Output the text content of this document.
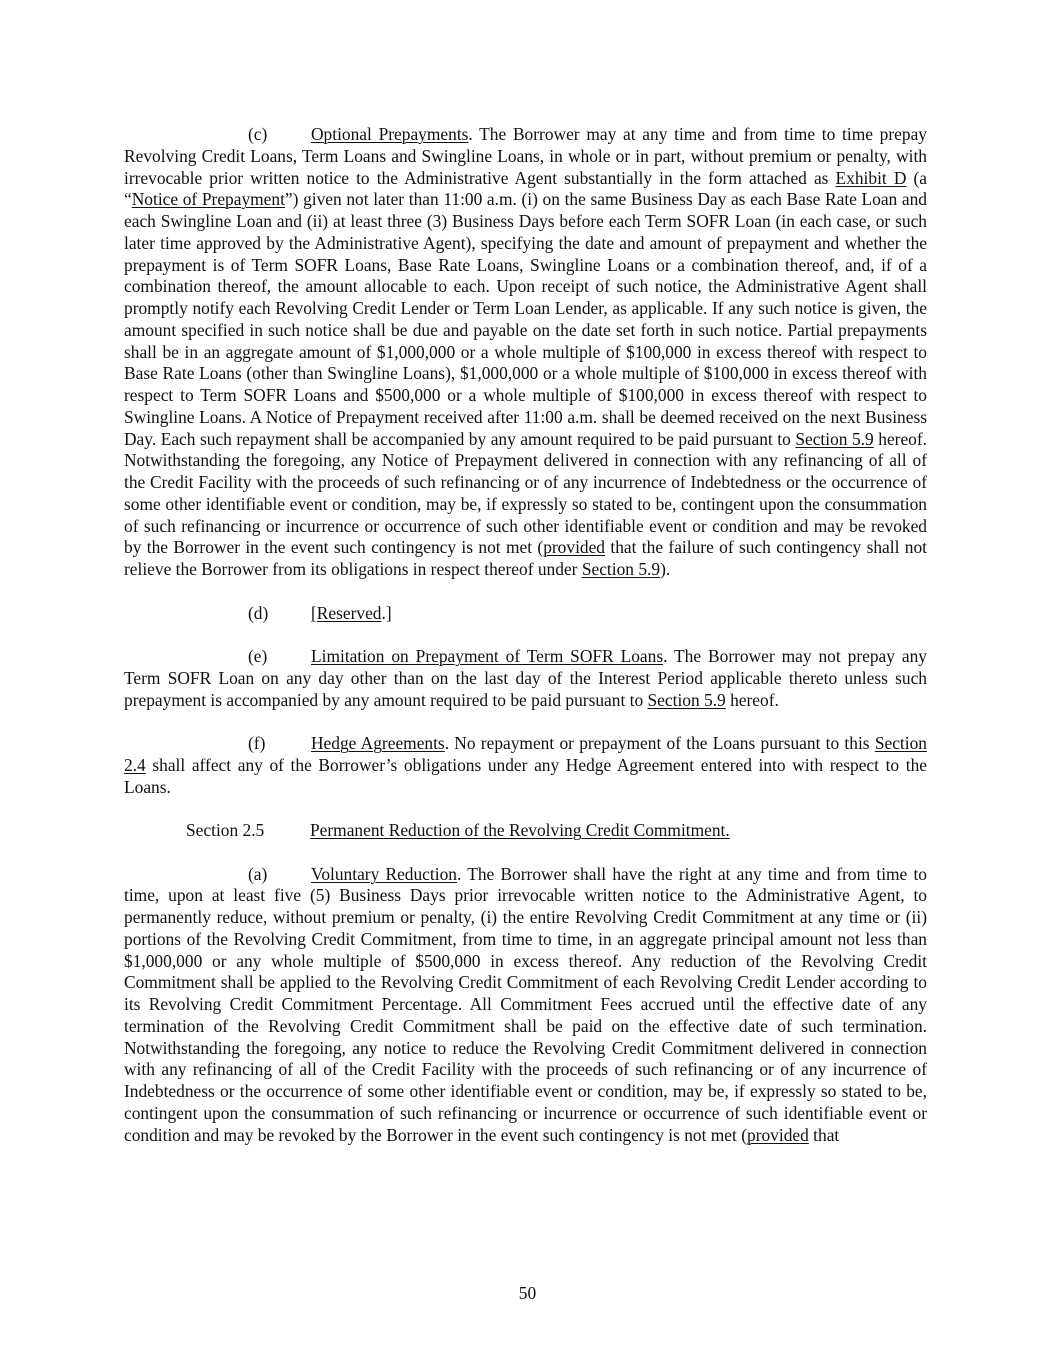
(c)	Optional Prepayments. The Borrower may at any time and from time to time prepay Revolving Credit Loans, Term Loans and Swingline Loans, in whole or in part, without premium or penalty, with irrevocable prior written notice to the Administrative Agent substantially in the form attached as Exhibit D (a “Notice of Prepayment”) given not later than 11:00 a.m. (i) on the same Business Day as each Base Rate Loan and each Swingline Loan and (ii) at least three (3) Business Days before each Term SOFR Loan (in each case, or such later time approved by the Administrative Agent), specifying the date and amount of prepayment and whether the prepayment is of Term SOFR Loans, Base Rate Loans, Swingline Loans or a combination thereof, and, if of a combination thereof, the amount allocable to each. Upon receipt of such notice, the Administrative Agent shall promptly notify each Revolving Credit Lender or Term Loan Lender, as applicable. If any such notice is given, the amount specified in such notice shall be due and payable on the date set forth in such notice. Partial prepayments shall be in an aggregate amount of $1,000,000 or a whole multiple of $100,000 in excess thereof with respect to Base Rate Loans (other than Swingline Loans), $1,000,000 or a whole multiple of $100,000 in excess thereof with respect to Term SOFR Loans and $500,000 or a whole multiple of $100,000 in excess thereof with respect to Swingline Loans. A Notice of Prepayment received after 11:00 a.m. shall be deemed received on the next Business Day. Each such repayment shall be accompanied by any amount required to be paid pursuant to Section 5.9 hereof. Notwithstanding the foregoing, any Notice of Prepayment delivered in connection with any refinancing of all of the Credit Facility with the proceeds of such refinancing or of any incurrence of Indebtedness or the occurrence of some other identifiable event or condition, may be, if expressly so stated to be, contingent upon the consummation of such refinancing or incurrence or occurrence of such other identifiable event or condition and may be revoked by the Borrower in the event such contingency is not met (provided that the failure of such contingency shall not relieve the Borrower from its obligations in respect thereof under Section 5.9).

(d) [Reserved.]

(e)	Limitation on Prepayment of Term SOFR Loans. The Borrower may not prepay any Term SOFR Loan on any day other than on the last day of the Interest Period applicable thereto unless such prepayment is accompanied by any amount required to be paid pursuant to Section 5.9 hereof.

(f)	Hedge Agreements. No repayment or prepayment of the Loans pursuant to this Section 2.4 shall affect any of the Borrower’s obligations under any Hedge Agreement entered into with respect to the Loans.

Section 2.5	Permanent Reduction of the Revolving Credit Commitment.

(a)	Voluntary Reduction. The Borrower shall have the right at any time and from time to time, upon at least five (5) Business Days prior irrevocable written notice to the Administrative Agent, to permanently reduce, without premium or penalty, (i) the entire Revolving Credit Commitment at any time or (ii) portions of the Revolving Credit Commitment, from time to time, in an aggregate principal amount not less than $1,000,000 or any whole multiple of $500,000 in excess thereof. Any reduction of the Revolving Credit Commitment shall be applied to the Revolving Credit Commitment of each Revolving Credit Lender according to its Revolving Credit Commitment Percentage. All Commitment Fees accrued until the effective date of any termination of the Revolving Credit Commitment shall be paid on the effective date of such termination. Notwithstanding the foregoing, any notice to reduce the Revolving Credit Commitment delivered in connection with any refinancing of all of the Credit Facility with the proceeds of such refinancing or of any incurrence of Indebtedness or the occurrence of some other identifiable event or condition, may be, if expressly so stated to be, contingent upon the consummation of such refinancing or incurrence or occurrence of such identifiable event or condition and may be revoked by the Borrower in the event such contingency is not met (provided that

50
